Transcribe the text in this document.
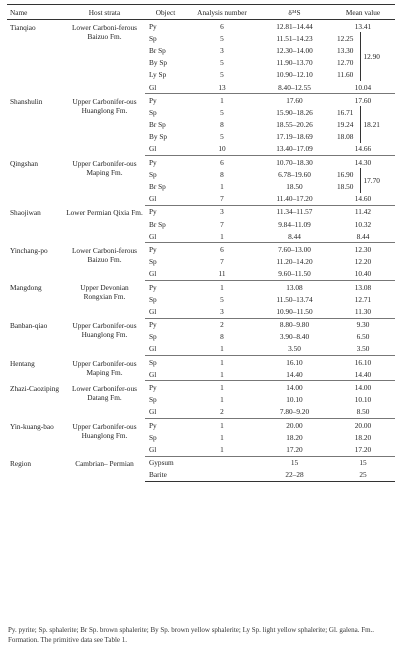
Name	Host strata	Object	Analysis number	δ³⁴S	Mean value	
Tianqiao	Lower Carboni-ferous Baizuo Fm.	Py	6	12.81–14.44	13.41	
		Sp	5	11.51–14.23	12.25	12.90
		Br Sp	3	12.30–14.00	13.30	
		By Sp	5	11.90–13.70	12.70	
		Ly Sp	5	10.90–12.10	11.60	
		Gl	13	8.40–12.55	10.04	
Shanshulin	Upper Carbonifer-ous Huanglong Fm.	Py	1	17.60	17.60	
		Sp	5	15.90–18.26	16.71	18.21
		Br Sp	8	18.55–20.26	19.24	
		By Sp	5	17.19–18.69	18.08	
		Gl	10	13.40–17.09	14.66	
Qingshan	Upper Carbonifer-ous Maping Fm.	Py	6	10.70–18.30	14.30	
		Sp	8	6.78–19.60	16.90	17.70
		Br Sp	1	18.50	18.50	
		Gl	7	11.40–17.20	14.60	
Shaojiwan	Lower Permian Qixia Fm.	Py	3	11.34–11.57	11.42	
		Br Sp	7	9.84–11.09	10.32	
		Gl	1	8.44	8.44	
Yinchang-po	Lower Carboni-ferous Baizuo Fm.	Py	6	7.60–13.00	12.30	
		Sp	7	11.20–14.20	12.20	
		Gl	11	9.60–11.50	10.40	
Mangdong	Upper Devonian Rongxian Fm.	Py	1	13.08	13.08	
		Sp	5	11.50–13.74	12.71	
		Gl	3	10.90–11.50	11.30	
Banban-qiao	Upper Carbonifer-ous Huanglong Fm.	Py	2	8.80–9.80	9.30	
		Sp	8	3.90–8.40	6.50	
		Gl	1	3.50	3.50	
Hentang	Upper Carbonifer-ous Maping Fm.	Sp	1	16.10	16.10	
		Gl	1	14.40	14.40	
Zhazi-Caoziping	Lower Carbonifer-ous Datang Fm.	Py	1	14.00	14.00	
		Sp	1	10.10	10.10	
		Gl	2	7.80–9.20	8.50	
Yin-kuang-bao	Upper Carbonifer-ous Huanglong Fm.	Py	1	20.00	20.00	
		Sp	1	18.20	18.20	
		Gl	1	17.20	17.20	
Region	Cambrian– Permian	Gypsum		15	15	
		Barite		22–28	25	
Py. pyrite; Sp. sphalerite; Br Sp. brown sphalerite; By Sp. brown yellow sphalerite; Ly Sp. light yellow sphalerite; Gl. galena. Fm.. Formation. The primitive data see Table 1.
